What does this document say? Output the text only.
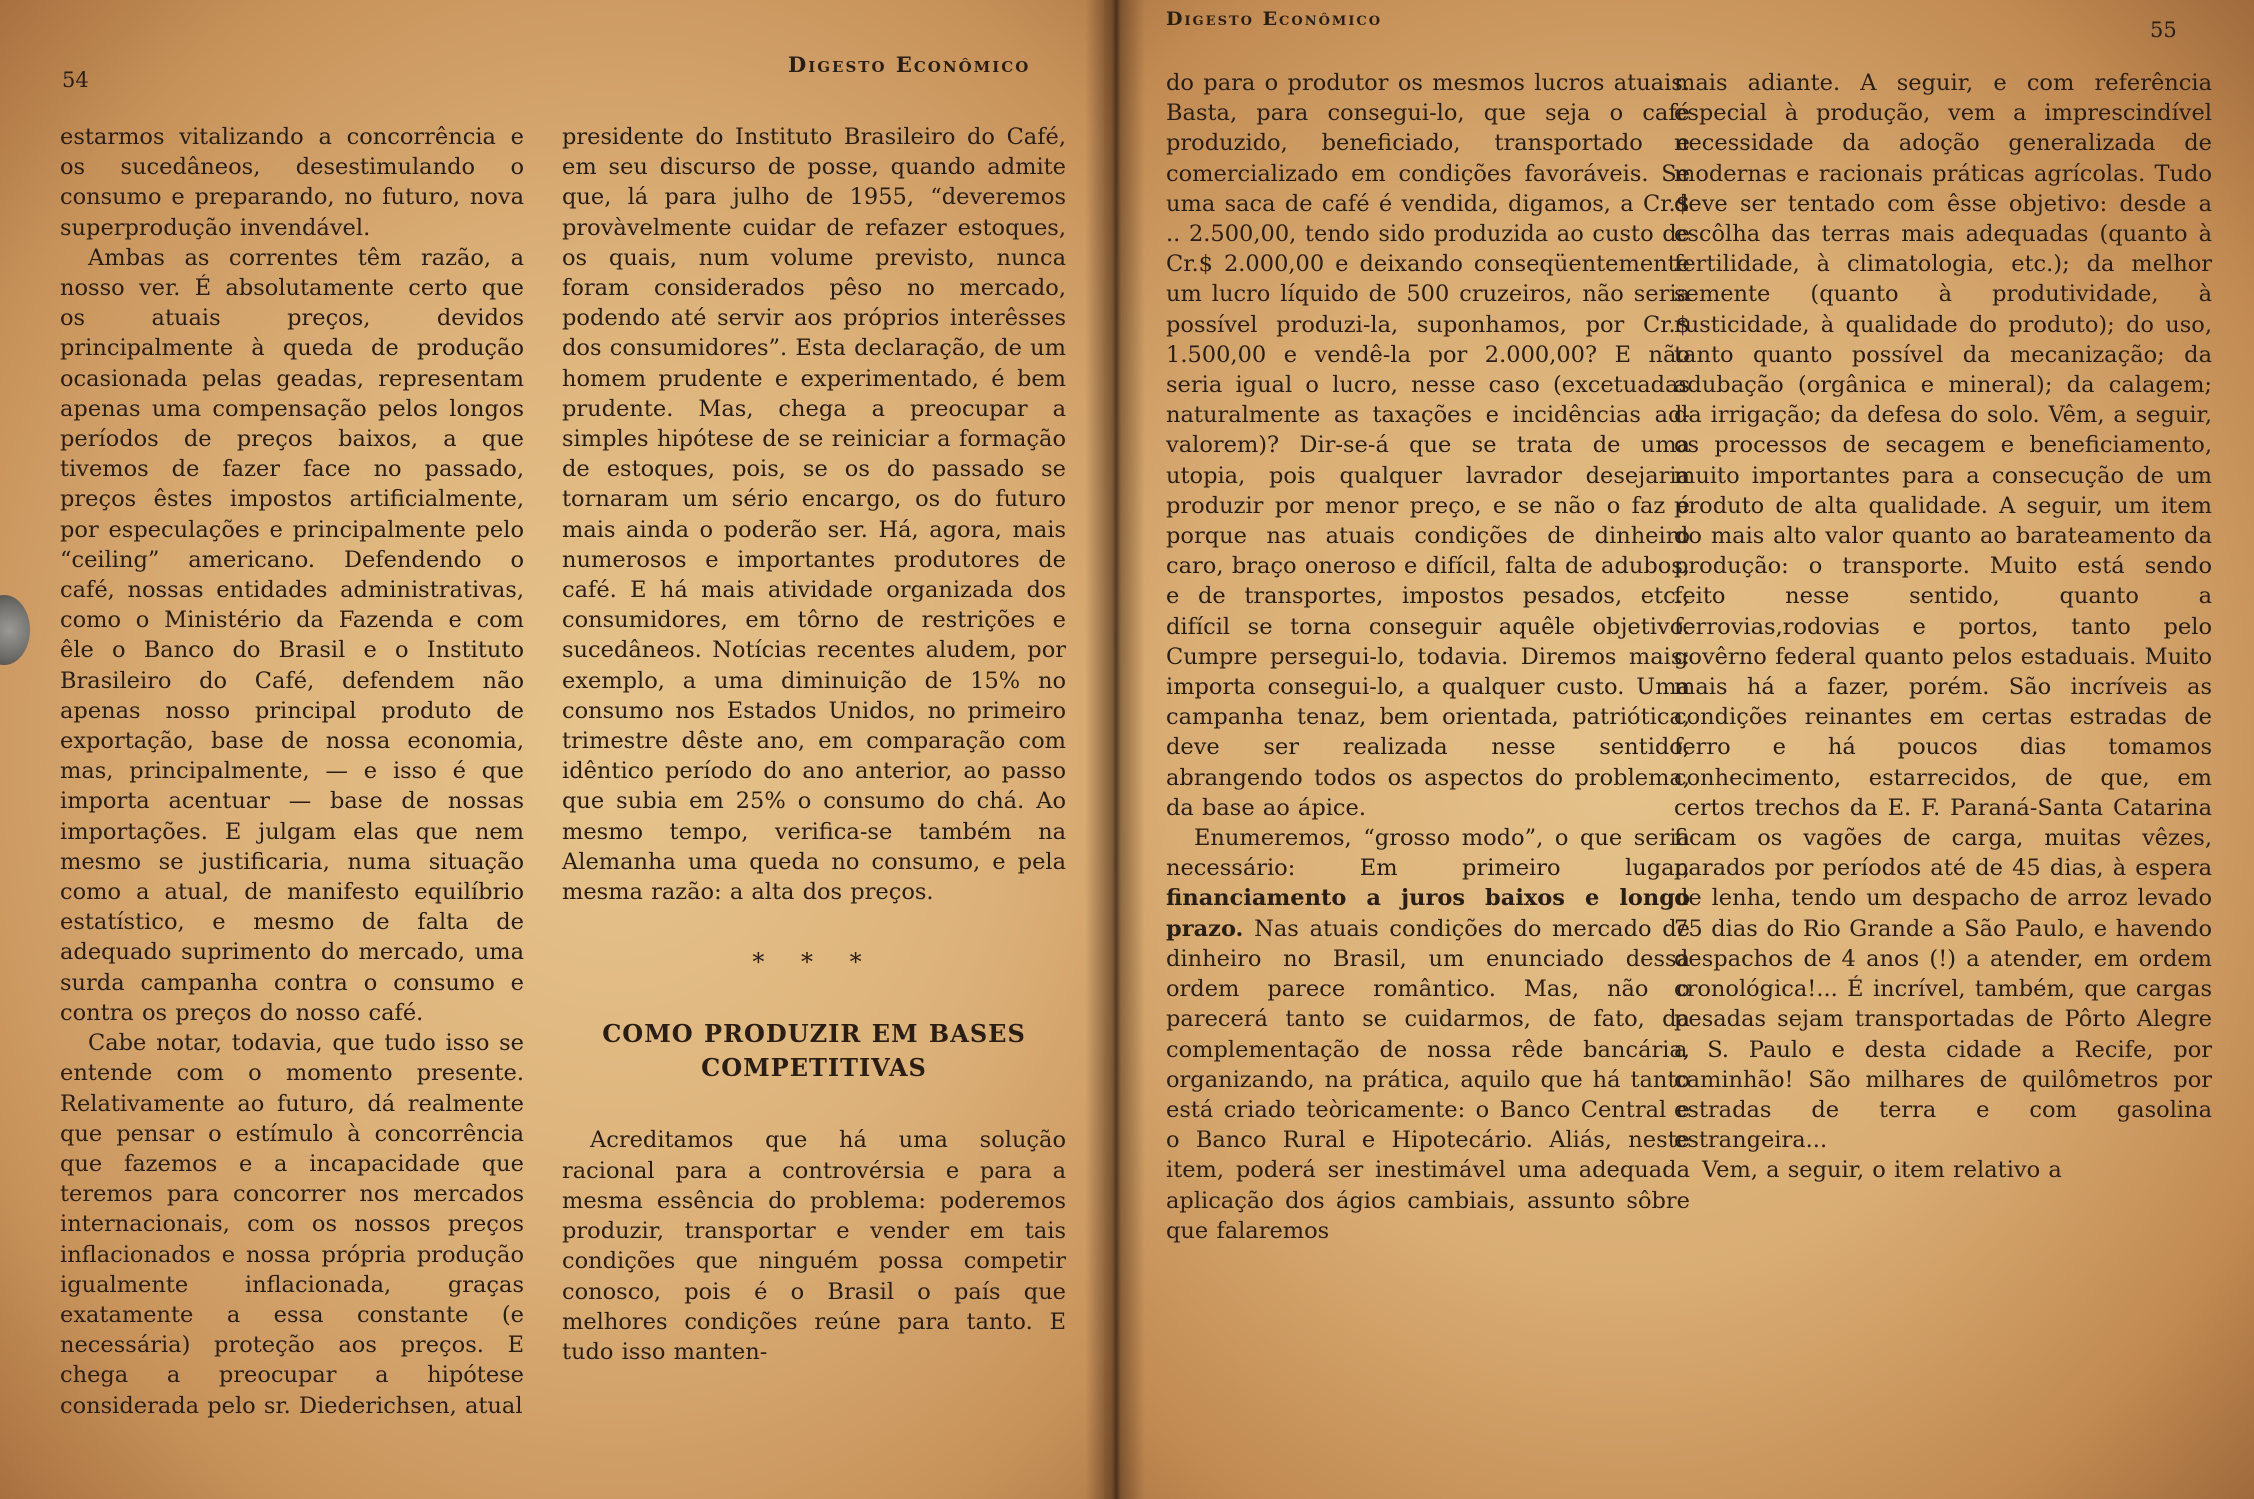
54
Digesto Econômico

estarmos vitalizando a concorrência e os sucedâneos, desestimulando o consumo e preparando, no futuro, nova superprodução invendável.

Ambas as correntes têm razão, a nosso ver. É absolutamente certo que os atuais preços, devidos principalmente à queda de produção ocasionada pelas geadas, representam apenas uma compensação pelos longos períodos de preços baixos, a que tivemos de fazer face no passado, preços êstes impostos artificialmente, por especulações e principalmente pelo “ceiling” americano. Defendendo o café, nossas entidades administrativas, como o Ministério da Fazenda e com êle o Banco do Brasil e o Instituto Brasileiro do Café, defendem não apenas nosso principal produto de exportação, base de nossa economia, mas, principalmente, — e isso é que importa acentuar — base de nossas importações. E julgam elas que nem mesmo se justificaria, numa situação como a atual, de manifesto equilíbrio estatístico, e mesmo de falta de adequado suprimento do mercado, uma surda campanha contra o consumo e contra os preços do nosso café.

Cabe notar, todavia, que tudo isso se entende com o momento presente. Relativamente ao futuro, dá realmente que pensar o estímulo à concorrência que fazemos e a incapacidade que teremos para concorrer nos mercados internacionais, com os nossos preços inflacionados e nossa própria produção igualmente inflacionada, graças exatamente a essa constante (e necessária) proteção aos preços. E chega a preocupar a hipótese considerada pelo sr. Diederichsen, atual

presidente do Instituto Brasileiro do Café, em seu discurso de posse, quando admite que, lá para julho de 1955, “deveremos provàvelmente cuidar de refazer estoques, os quais, num volume previsto, nunca foram considerados pêso no mercado, podendo até servir aos próprios interêsses dos consumidores”. Esta declaração, de um homem prudente e experimentado, é bem prudente. Mas, chega a preocupar a simples hipótese de se reiniciar a formação de estoques, pois, se os do passado se tornaram um sério encargo, os do futuro mais ainda o poderão ser. Há, agora, mais numerosos e importantes produtores de café. E há mais atividade organizada dos consumidores, em tôrno de restrições e sucedâneos. Notícias recentes aludem, por exemplo, a uma diminuição de 15% no consumo nos Estados Unidos, no primeiro trimestre dêste ano, em comparação com idêntico período do ano anterior, ao passo que subia em 25% o consumo do chá. Ao mesmo tempo, verifica-se também na Alemanha uma queda no consumo, e pela mesma razão: a alta dos preços.

* * *
COMO PRODUZIR EM BASES COMPETITIVAS

Acreditamos que há uma solução racional para a controvérsia e para a mesma essência do problema: poderemos produzir, transportar e vender em tais condições que ninguém possa competir conosco, pois é o Brasil o país que melhores condições reúne para tanto. E tudo isso manten-

Digesto Econômico	55

do para o produtor os mesmos lucros atuais. Basta, para consegui-lo, que seja o café produzido, beneficiado, transportado e comercializado em condições favoráveis. Se uma saca de café é vendida, digamos, a Cr.$ .. 2.500,00, tendo sido produzida ao custo de Cr.$ 2.000,00 e deixando conseqüentemente um lucro líquido de 500 cruzeiros, não seria possível produzi-la, suponhamos, por Cr.$ 1.500,00 e vendê-la por 2.000,00? E não seria igual o lucro, nesse caso (excetuadas naturalmente as taxações e incidências ad-valorem)? Dir-se-á que se trata de uma utopia, pois qualquer lavrador desejaria produzir por menor preço, e se não o faz é porque nas atuais condições de dinheiro caro, braço oneroso e difícil, falta de adubos, e de transportes, impostos pesados, etc., difícil se torna conseguir aquêle objetivo. Cumpre persegui-lo, todavia. Diremos mais: importa consegui-lo, a qualquer custo. Uma campanha tenaz, bem orientada, patriótica, deve ser realizada nesse sentido, abrangendo todos os aspectos do problema, da base ao ápice.

Enumeremos, “grosso modo”, o que seria necessário: Em primeiro lugar, financiamento a juros baixos e longo prazo. Nas atuais condições do mercado de dinheiro no Brasil, um enunciado dessa ordem parece romântico. Mas, não o parecerá tanto se cuidarmos, de fato, da complementação de nossa rêde bancária, organizando, na prática, aquilo que há tanto está criado teòricamente: o Banco Central e o Banco Rural e Hipotecário. Aliás, neste item, poderá ser inestimável uma adequada aplicação dos ágios cambiais, assunto sôbre que falaremos

mais adiante. A seguir, e com referência especial à produção, vem a imprescindível necessidade da adoção generalizada de modernas e racionais práticas agrícolas. Tudo deve ser tentado com êsse objetivo: desde a escôlha das terras mais adequadas (quanto à fertilidade, à climatologia, etc.); da melhor semente (quanto à produtividade, à rusticidade, à qualidade do produto); do uso, tanto quanto possível da mecanização; da adubação (orgânica e mineral); da calagem; da irrigação; da defesa do solo. Vêm, a seguir, os processos de secagem e beneficiamento, muito importantes para a consecução de um produto de alta qualidade. A seguir, um item do mais alto valor quanto ao barateamento da produção: o transporte. Muito está sendo feito nesse sentido, quanto a ferrovias,rodovias e portos, tanto pelo govêrno federal quanto pelos estaduais. Muito mais há a fazer, porém. São incríveis as condições reinantes em certas estradas de ferro e há poucos dias tomamos conhecimento, estarrecidos, de que, em certos trechos da E. F. Paraná-Santa Catarina ficam os vagões de carga, muitas vêzes, parados por períodos até de 45 dias, à espera de lenha, tendo um despacho de arroz levado 75 dias do Rio Grande a São Paulo, e havendo despachos de 4 anos (!) a atender, em ordem cronológica!... É incrível, também, que cargas pesadas sejam transportadas de Pôrto Alegre a S. Paulo e desta cidade a Recife, por caminhão! São milhares de quilômetros por estradas de terra e com gasolina estrangeira...

Vem, a seguir, o item relativo a
